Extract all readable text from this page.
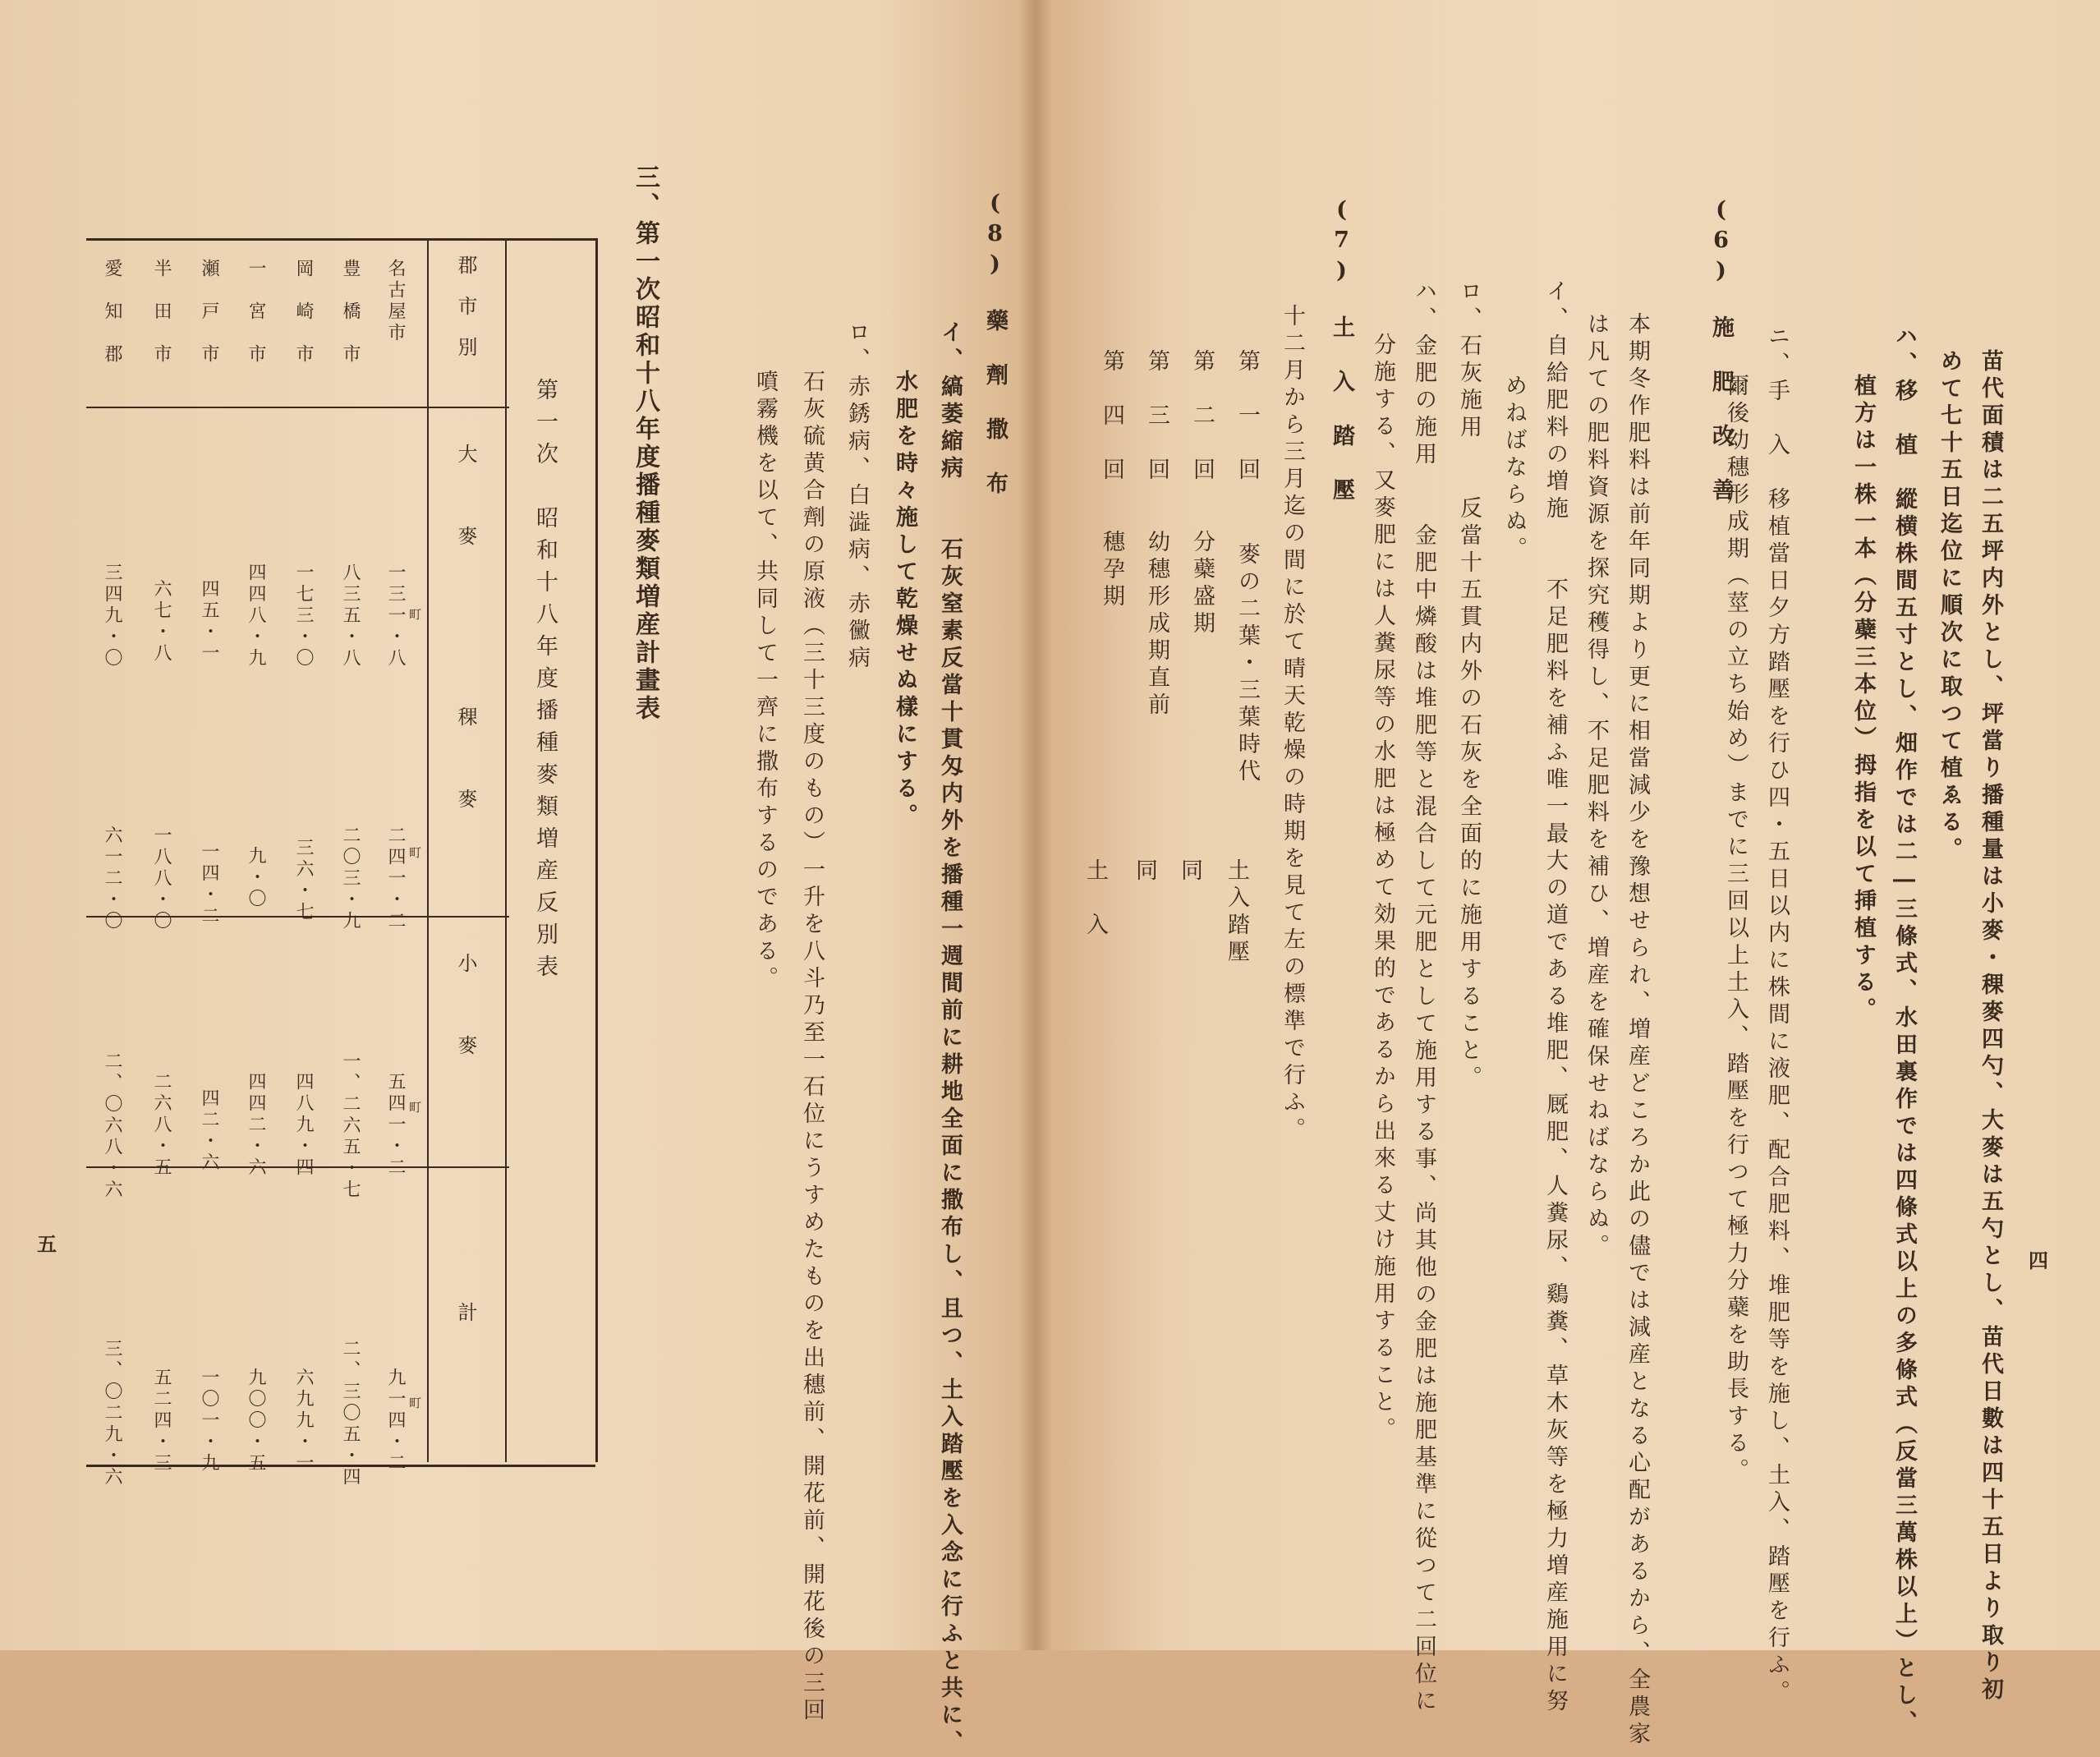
苗代面積は二五坪内外とし、坪當り播種量は小麥・稞麥四勺、大麥は五勺とし、苗代日數は四十五日より取り初
めて七十五日迄位に順次に取つて植ゑる。
ハ、移　植　縱横株間五寸とし、畑作では二―三條式、水田裏作では四條式以上の多條式（反當三萬株以上）とし、
植方は一株一本（分蘗三本位）拇指を以て挿植する。
ニ、手　入　移植當日夕方踏壓を行ひ四・五日以内に株間に液肥、配合肥料、堆肥等を施し、土入、踏壓を行ふ。
爾後幼穗形成期（莖の立ち始め）までに三回以上土入、踏壓を行つて極力分蘗を助長する。
(6)　施　肥　改　善
本期冬作肥料は前年同期より更に相當減少を豫想せられ、増産どころか此の儘では減産となる心配があるから、全農家
は凡ての肥料資源を探究穫得し、不足肥料を補ひ、増産を確保せねばならぬ。
イ、自給肥料の増施　　不足肥料を補ふ唯一最大の道である堆肥、厩肥、人糞尿、鷄糞、草木灰等を極力増産施用に努
めねばならぬ。
ロ、石灰施用　　反當十五貫内外の石灰を全面的に施用すること。
ハ、金肥の施用　　金肥中燐酸は堆肥等と混合して元肥として施用する事、尚其他の金肥は施肥基準に從つて二回位に
分施する、又麥肥には人糞尿等の水肥は極めて効果的であるから出來る丈け施用すること。
(7)　土　入　踏　壓
十二月から三月迄の間に於て晴天乾燥の時期を見て左の標準で行ふ。
第　一　回
麥の二葉・三葉時代
土入踏壓
第　二　回
分蘗盛期
同
第　三　回
幼穗形成期直前
同
第　四　回
穗孕期
土　入
四
(8)　藥　劑　撒　布
イ、縞萎縮病　　石灰窒素反當十貫匁内外を播種一週間前に耕地全面に撒布し、且つ、土入踏壓を入念に行ふと共に、
水肥を時々施して乾燥せぬ樣にする。
ロ、赤銹病、白澁病、赤黴病
石灰硫黄合劑の原液（三十三度のもの）一升を八斗乃至一石位にうすめたものを出穗前、開花前、開花後の三回
噴霧機を以て、共同して一齊に撒布するのである。
三、第一次昭和十八年度播種麥類増産計畫表
第一次　昭和十八年度播種麥類増産反別表
郡市別
大　麥
稞　麥
小　麥
計
町
町
町
町
名古屋市
一三一・八
二四一・二
五四一・二
九一四・二
豊橋市
八三五・八
二〇三・九
一、二六五・七
二、三〇五・四
岡崎市
一七三・〇
三六・七
四八九・四
六九九・一
一宮市
四四八・九
九・〇
四四二・六
九〇〇・五
瀬戸市
四五・一
一四・二
四二・六
一〇一・九
半田市
六七・八
一八八・〇
二六八・五
五二四・三
愛知郡
三四九・〇
六一二・〇
二、〇六八・六
三、〇二九・六
五
